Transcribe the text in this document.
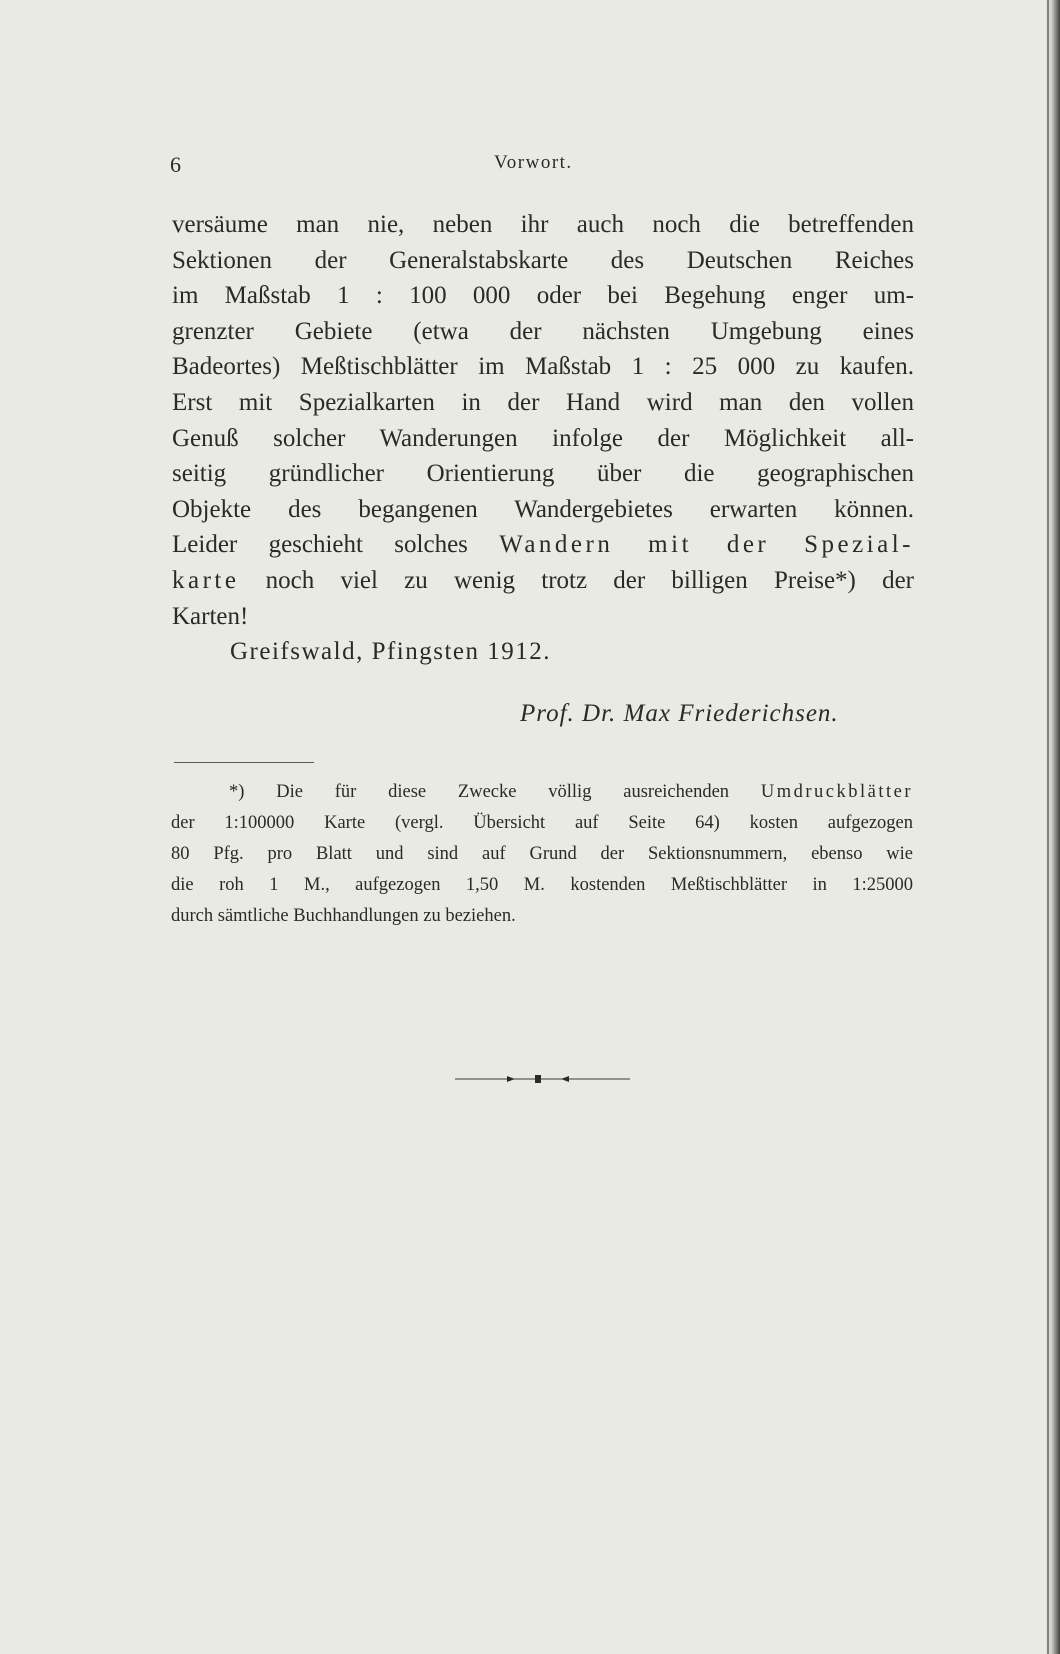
6	Vorwort.
versäume man nie, neben ihr auch noch die betreffenden
Sektionen der Generalstabskarte des Deutschen Reiches
im Maßstab 1 : 100 000 oder bei Begehung enger um-
grenzter Gebiete (etwa der nächsten Umgebung eines
Badeortes) Meßtischblätter im Maßstab 1 : 25 000 zu kaufen.
Erst mit Spezialkarten in der Hand wird man den vollen
Genuß solcher Wanderungen infolge der Möglichkeit all-
seitig gründlicher Orientierung über die geographischen
Objekte des begangenen Wandergebietes erwarten können.
Leider geschieht solches Wandern mit der Spezial-
karte noch viel zu wenig trotz der billigen Preise*) der
Karten!
Greifswald, Pfingsten 1912.
Prof. Dr. Max Friederichsen.
*) Die für diese Zwecke völlig ausreichenden Umdruckblätter
der 1:100000 Karte (vergl. Übersicht auf Seite 64) kosten aufgezogen
80 Pfg. pro Blatt und sind auf Grund der Sektionsnummern, ebenso wie
die roh 1 M., aufgezogen 1,50 M. kostenden Meßtischblätter in 1:25000
durch sämtliche Buchhandlungen zu beziehen.
